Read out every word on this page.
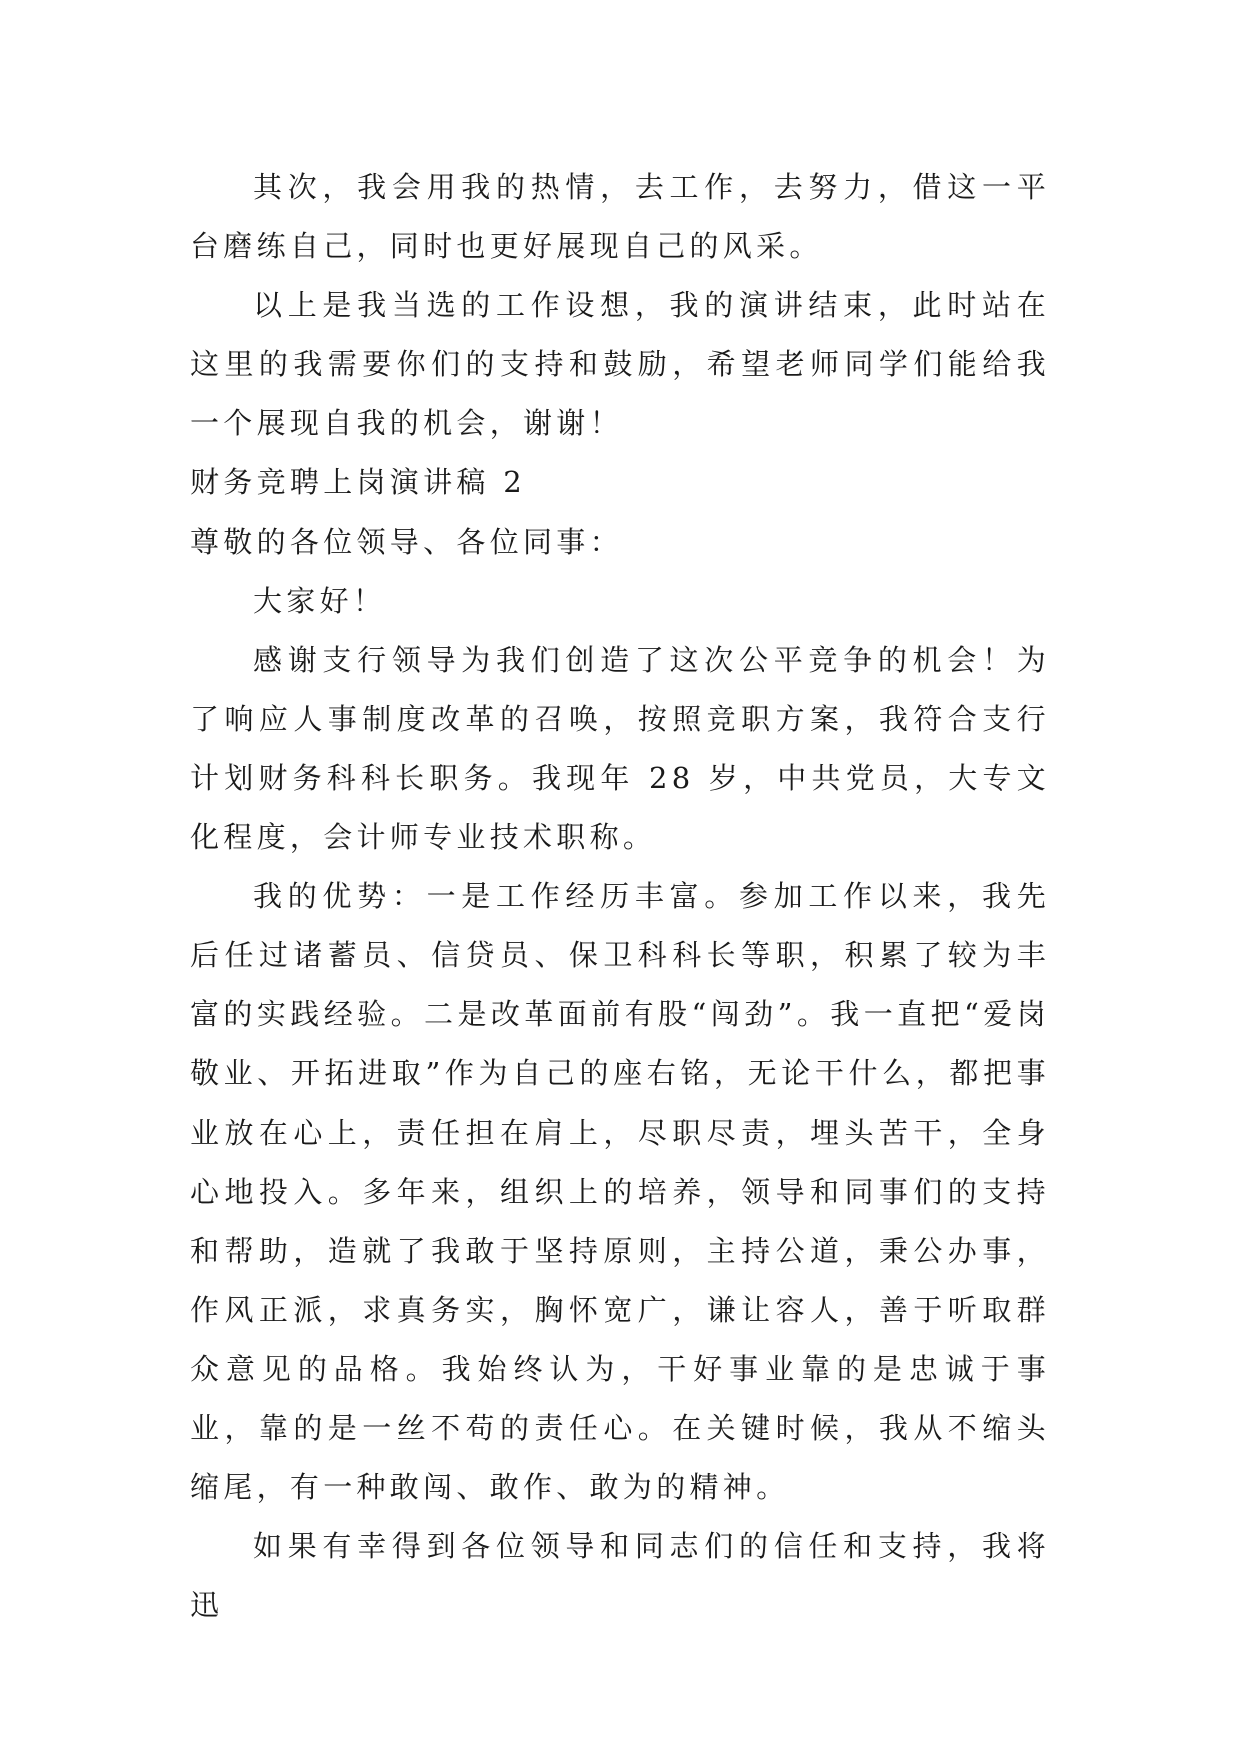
其次，我会用我的热情，去工作，去努力，借这一平台磨练自己，同时也更好展现自己的风采。

以上是我当选的工作设想，我的演讲结束，此时站在这里的我需要你们的支持和鼓励，希望老师同学们能给我一个展现自我的机会，谢谢！

财务竞聘上岗演讲稿 2

尊敬的各位领导、各位同事：

大家好！

感谢支行领导为我们创造了这次公平竞争的机会！为了响应人事制度改革的召唤，按照竞职方案，我符合支行计划财务科科长职务。我现年 28 岁，中共党员，大专文化程度，会计师专业技术职称。

我的优势：一是工作经历丰富。参加工作以来，我先后任过诸蓄员、信贷员、保卫科科长等职，积累了较为丰富的实践经验。二是改革面前有股“闯劲”。我一直把“爱岗敬业、开拓进取”作为自己的座右铭，无论干什么，都把事业放在心上，责任担在肩上，尽职尽责，埋头苦干，全身心地投入。多年来，组织上的培养，领导和同事们的支持和帮助，造就了我敢于坚持原则，主持公道，秉公办事，作风正派，求真务实，胸怀宽广，谦让容人，善于听取群众意见的品格。我始终认为，干好事业靠的是忠诚于事业，靠的是一丝不苟的责任心。在关键时候，我从不缩头缩尾，有一种敢闯、敢作、敢为的精神。

如果有幸得到各位领导和同志们的信任和支持，我将迅
